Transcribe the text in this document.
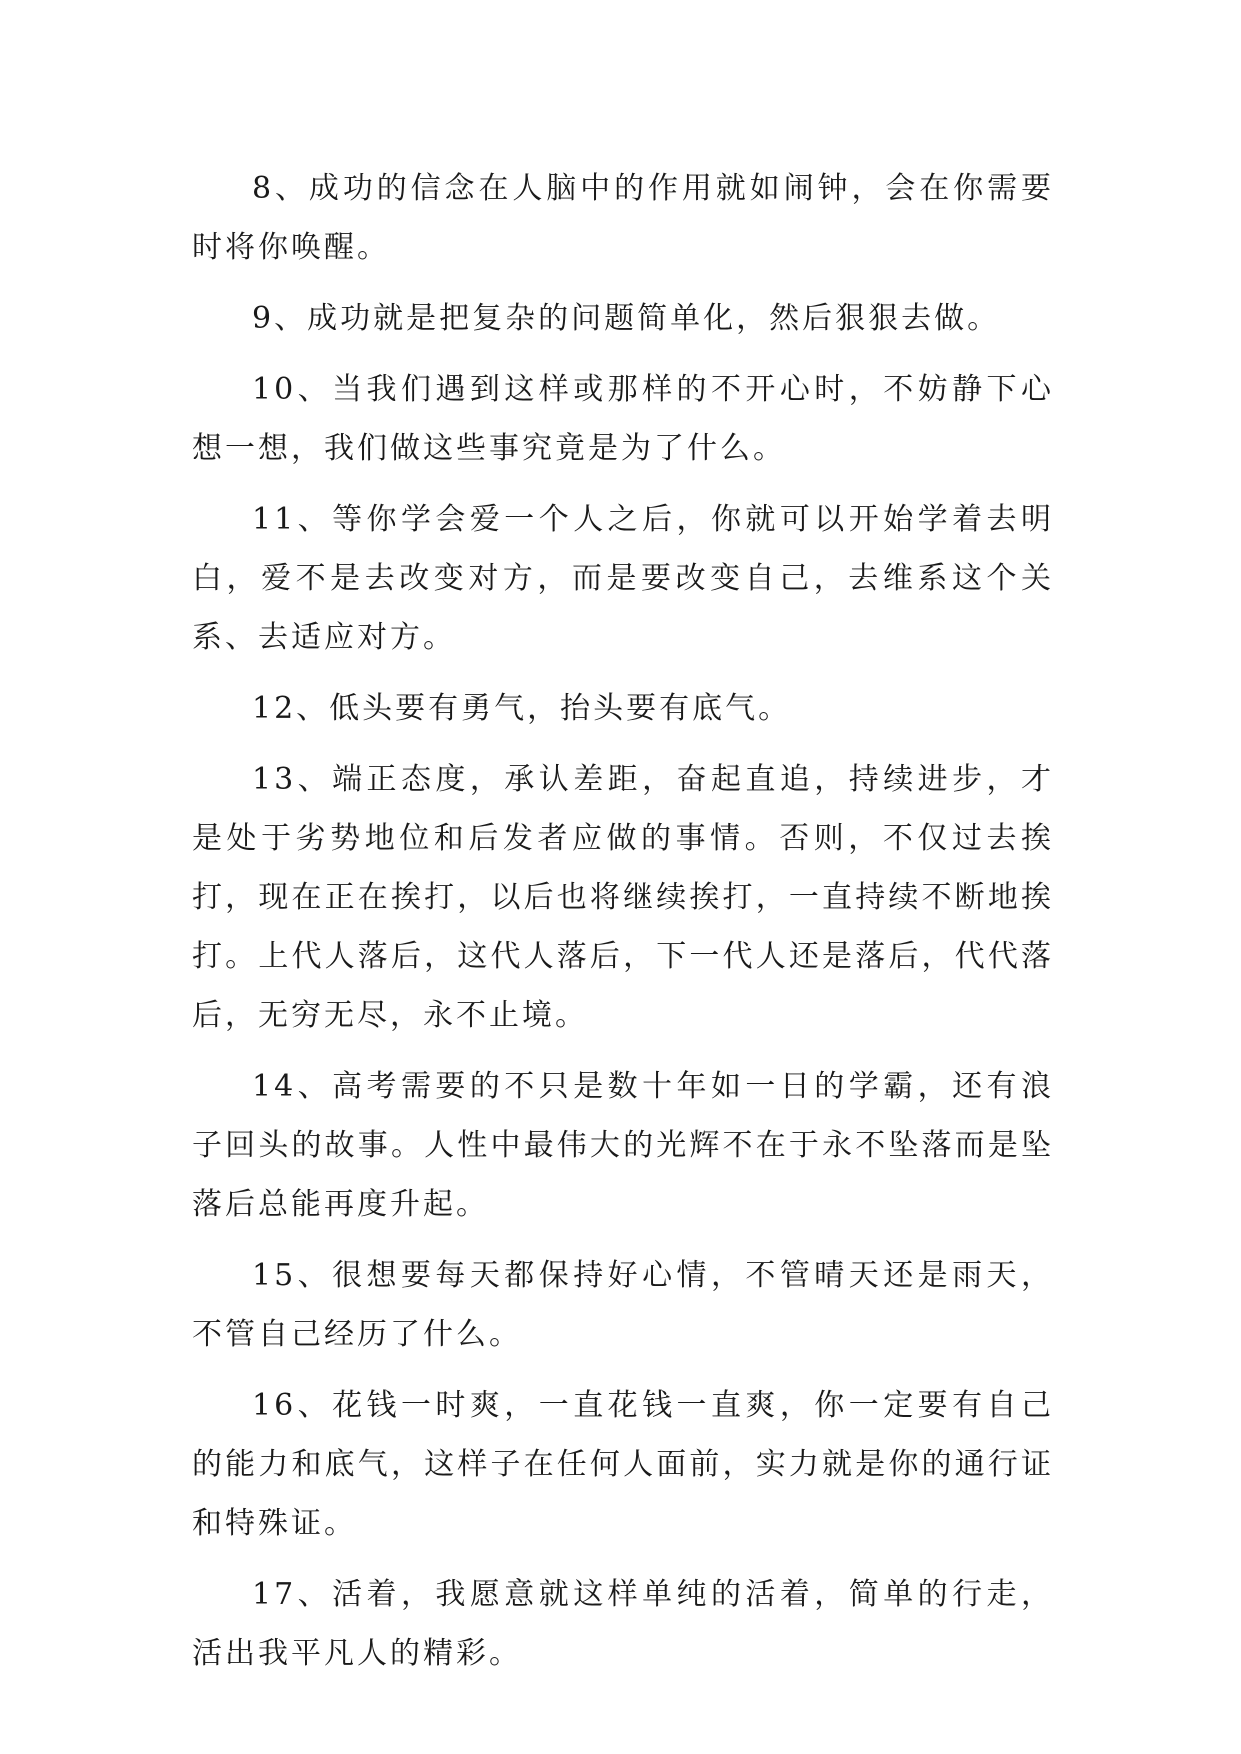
8、成功的信念在人脑中的作用就如闹钟，会在你需要时将你唤醒。

9、成功就是把复杂的问题简单化，然后狠狠去做。

10、当我们遇到这样或那样的不开心时，不妨静下心想一想，我们做这些事究竟是为了什么。

11、等你学会爱一个人之后，你就可以开始学着去明白，爱不是去改变对方，而是要改变自己，去维系这个关系、去适应对方。

12、低头要有勇气，抬头要有底气。

13、端正态度，承认差距，奋起直追，持续进步，才是处于劣势地位和后发者应做的事情。否则，不仅过去挨打，现在正在挨打，以后也将继续挨打，一直持续不断地挨打。上代人落后，这代人落后，下一代人还是落后，代代落后，无穷无尽，永不止境。

14、高考需要的不只是数十年如一日的学霸，还有浪子回头的故事。人性中最伟大的光辉不在于永不坠落而是坠落后总能再度升起。

15、很想要每天都保持好心情，不管晴天还是雨天，不管自己经历了什么。

16、花钱一时爽，一直花钱一直爽，你一定要有自己的能力和底气，这样子在任何人面前，实力就是你的通行证和特殊证。

17、活着，我愿意就这样单纯的活着，简单的行走，活出我平凡人的精彩。
